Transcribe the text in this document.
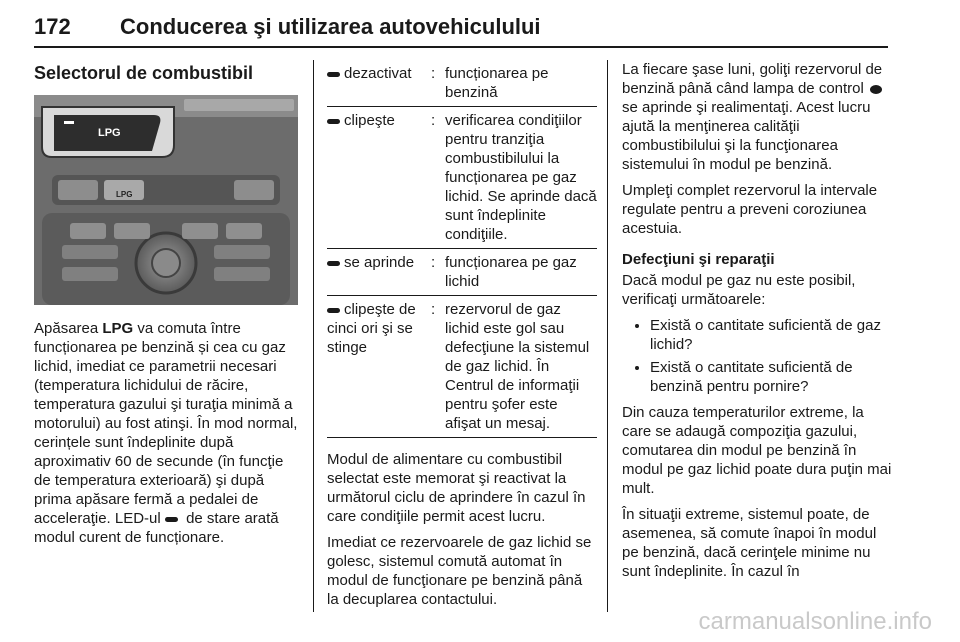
172 Conducerea şi utilizarea autovehiculului
Selectorul de combustibil
LPG
LPG

Apăsarea LPG va comuta între funcționarea pe benzină și cea cu gaz lichid, imediat ce parametrii necesari (temperatura lichidului de răcire, temperatura gazului şi turaţia minimă a motorului) au fost atinşi. În mod normal, cerințele sunt îndeplinite după aproximativ 60 de secunde (în funcţie de temperatura exterioară) şi după prima apăsare fermă a pedalei de acceleraţie. LED-ul  de stare arată modul curent de funcționare.

dezactivat	:	funcționarea pe benzină
clipeşte	:	verificarea condiţiilor pentru tranziţia combustibilului la funcționarea pe gaz lichid. Se aprinde dacă sunt îndeplinite condiţiile.
se aprinde	:	funcționarea pe gaz lichid
clipeşte de cinci ori şi se stinge	:	rezervorul de gaz lichid este gol sau defecţiune la sistemul de gaz lichid. În Centrul de informaţii pentru şofer este afişat un mesaj.

Modul de alimentare cu combustibil selectat este memorat şi reactivat la următorul ciclu de aprindere în cazul în care condiţiile permit acest lucru.

Imediat ce rezervoarele de gaz lichid se golesc, sistemul comută automat în modul de funcţionare pe benzină până la decuplarea contactului.

La fiecare şase luni, goliţi rezervorul de benzină până când lampa de control  se aprinde şi realimentaţi. Acest lucru ajută la menţinerea calităţii combustibilului şi la funcţionarea sistemului în modul pe benzină.

Umpleţi complet rezervorul la intervale regulate pentru a preveni coroziunea acestuia.

Defecţiuni şi reparaţii

Dacă modul pe gaz nu este posibil, verificaţi următoarele:

• Există o cantitate suficientă de gaz lichid?
• Există o cantitate suficientă de benzină pentru pornire?

Din cauza temperaturilor extreme, la care se adaugă compoziţia gazului, comutarea din modul pe benzină în modul pe gaz lichid poate dura puţin mai mult.

În situaţii extreme, sistemul poate, de asemenea, să comute înapoi în modul pe benzină, dacă cerinţele minime nu sunt îndeplinite. În cazul în

carmanualsonline.info
